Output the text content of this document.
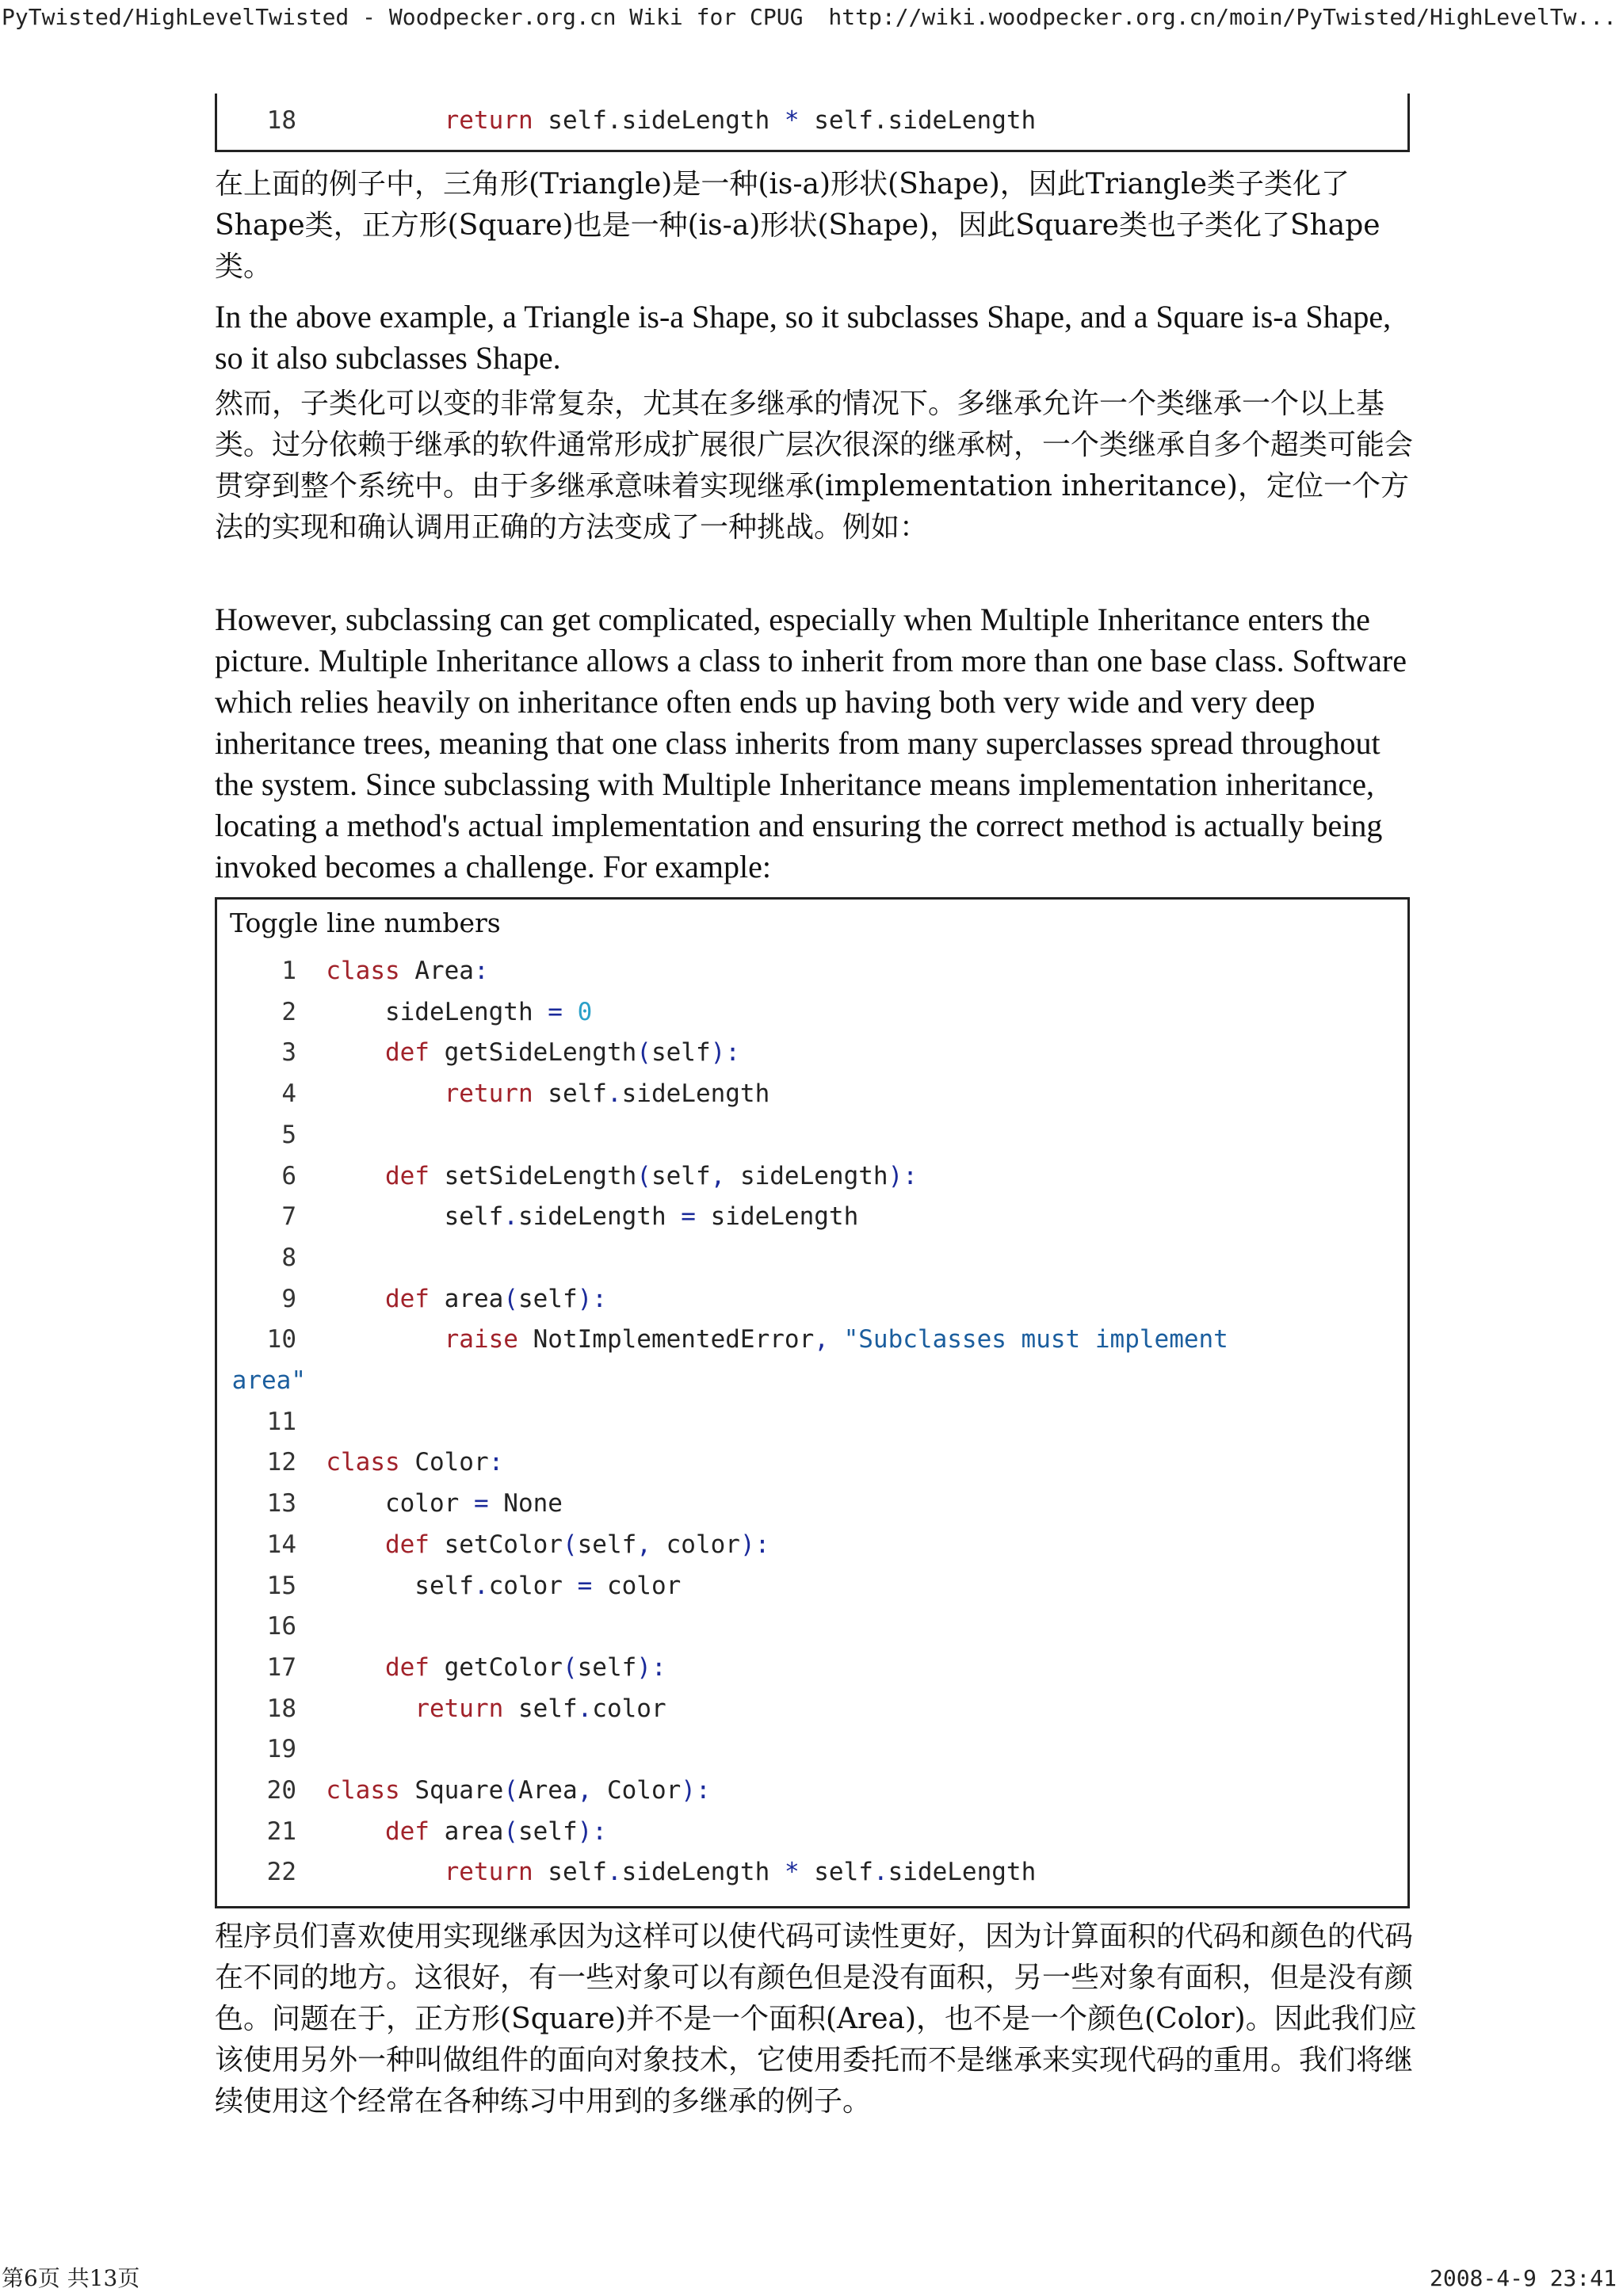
PyTwisted/HighLevelTwisted - Woodpecker.org.cn Wiki for CPUG http://wiki.woodpecker.org.cn/moin/PyTwisted/HighLevelTw...
18	return self.sideLength * self.sideLength
在上面的例子中，三角形(Triangle)是一种(is-a)形状(Shape)，因此Triangle类子类化了Shape类，正方形(Square)也是一种(is-a)形状(Shape)，因此Square类也子类化了Shape类。
In the above example, a Triangle is-a Shape, so it subclasses Shape, and a Square is-a Shape, so it also subclasses Shape.
然而，子类化可以变的非常复杂，尤其在多继承的情况下。多继承允许一个类继承一个以上基类。过分依赖于继承的软件通常形成扩展很广层次很深的继承树，一个类继承自多个超类可能会贯穿到整个系统中。由于多继承意味着实现继承(implementation inheritance)，定位一个方法的实现和确认调用正确的方法变成了一种挑战。例如：
However, subclassing can get complicated, especially when Multiple Inheritance enters the picture. Multiple Inheritance allows a class to inherit from more than one base class. Software which relies heavily on inheritance often ends up having both very wide and very deep inheritance trees, meaning that one class inherits from many superclasses spread throughout the system. Since subclassing with Multiple Inheritance means implementation inheritance, locating a method's actual implementation and ensuring the correct method is actually being invoked becomes a challenge. For example:
Toggle line numbers
1 class Area:
2      sideLength = 0
3	def getSideLength(self):
4	return self.sideLength
5
6	def setSideLength(self, sideLength):
7          self.sideLength = sideLength
8
9	def area(self):
10	raise NotImplementedError, "Subclasses must implement
area"
11
12 class Color:
13      color = None
14	def setColor(self, color):
15        self.color = color
16
17	def getColor(self):
18	return self.color
19
20 class Square(Area, Color):
21	def area(self):
22	return self.sideLength * self.sideLength
程序员们喜欢使用实现继承因为这样可以使代码可读性更好，因为计算面积的代码和颜色的代码在不同的地方。这很好，有一些对象可以有颜色但是没有面积，另一些对象有面积，但是没有颜色。问题在于，正方形(Square)并不是一个面积(Area)，也不是一个颜色(Color)。因此我们应该使用另外一种叫做组件的面向对象技术，它使用委托而不是继承来实现代码的重用。我们将继续使用这个经常在各种练习中用到的多继承的例子。
第6页 共13页	2008-4-9 23:41
